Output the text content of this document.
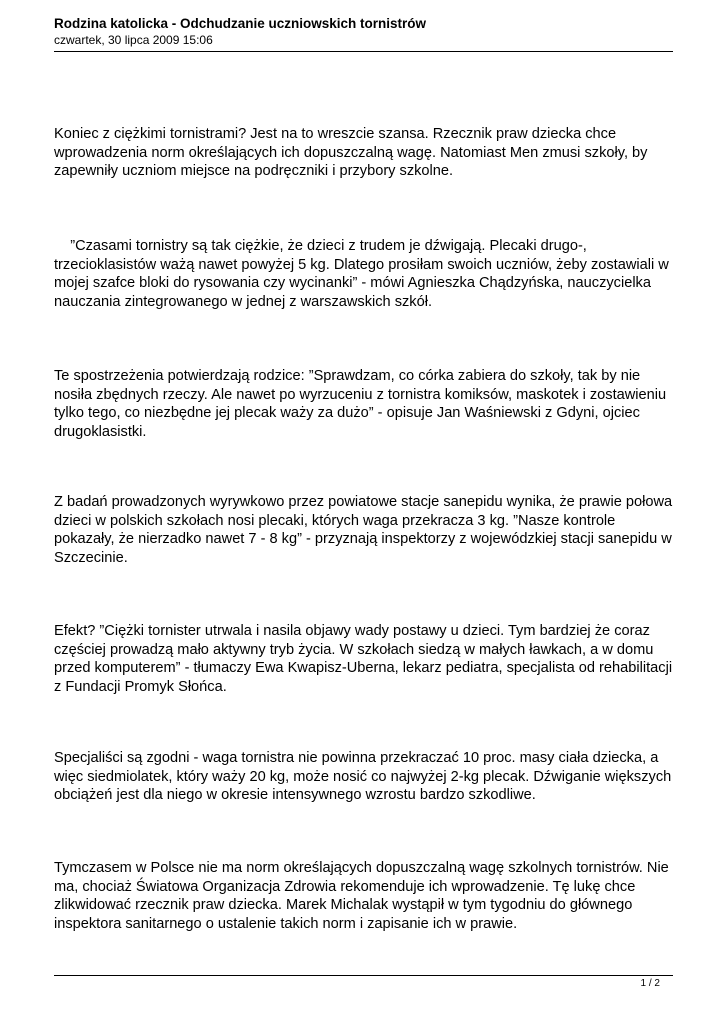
Rodzina katolicka - Odchudzanie uczniowskich tornistrów

czwartek, 30 lipca 2009 15:06

Koniec z ciężkimi tornistrami? Jest na to wreszcie szansa. Rzecznik praw dziecka chce wprowadzenia norm określających ich dopuszczalną wagę. Natomiast Men zmusi szkoły, by zapewniły uczniom miejsce na podręczniki i przybory szkolne.

”Czasami tornistry są tak ciężkie, że dzieci z trudem je dźwigają. Plecaki drugo-, trzecioklasistów ważą nawet powyżej 5 kg. Dlatego prosiłam swoich uczniów, żeby zostawiali w mojej szafce bloki do rysowania czy wycinanki” - mówi Agnieszka Chądzyńska, nauczycielka nauczania zintegrowanego w jednej z warszawskich szkół.

Te spostrzeżenia potwierdzają rodzice: ”Sprawdzam, co córka zabiera do szkoły, tak by nie nosiła zbędnych rzeczy. Ale nawet po wyrzuceniu z tornistra komiksów, maskotek i zostawieniu tylko tego, co niezbędne jej plecak waży za dużo” - opisuje Jan Waśniewski z Gdyni, ojciec drugoklasistki.

Z badań prowadzonych wyrywkowo przez powiatowe stacje sanepidu wynika, że prawie połowa dzieci w polskich szkołach nosi plecaki, których waga przekracza 3 kg. ”Nasze kontrole pokazały, że nierzadko nawet 7 - 8 kg” - przyznają inspektorzy z wojewódzkiej stacji sanepidu w Szczecinie.

Efekt? ”Ciężki tornister utrwala i nasila objawy wady postawy u dzieci. Tym bardziej że coraz częściej prowadzą mało aktywny tryb życia. W szkołach siedzą w małych ławkach, a w domu przed komputerem” - tłumaczy Ewa Kwapisz-Uberna, lekarz pediatra, specjalista od rehabilitacji z Fundacji Promyk Słońca.

Specjaliści są zgodni - waga tornistra nie powinna przekraczać 10 proc. masy ciała dziecka, a więc siedmiolatek, który waży 20 kg, może nosić co najwyżej 2-kg plecak. Dźwiganie większych obciążeń jest dla niego w okresie intensywnego wzrostu bardzo szkodliwe.

Tymczasem w Polsce nie ma norm określających dopuszczalną wagę szkolnych tornistrów. Nie ma, chociaż Światowa Organizacja Zdrowia rekomenduje ich wprowadzenie. Tę lukę chce zlikwidować rzecznik praw dziecka. Marek Michalak wystąpił w tym tygodniu do głównego inspektora sanitarnego o ustalenie takich norm i zapisanie ich w prawie.

1 / 2
